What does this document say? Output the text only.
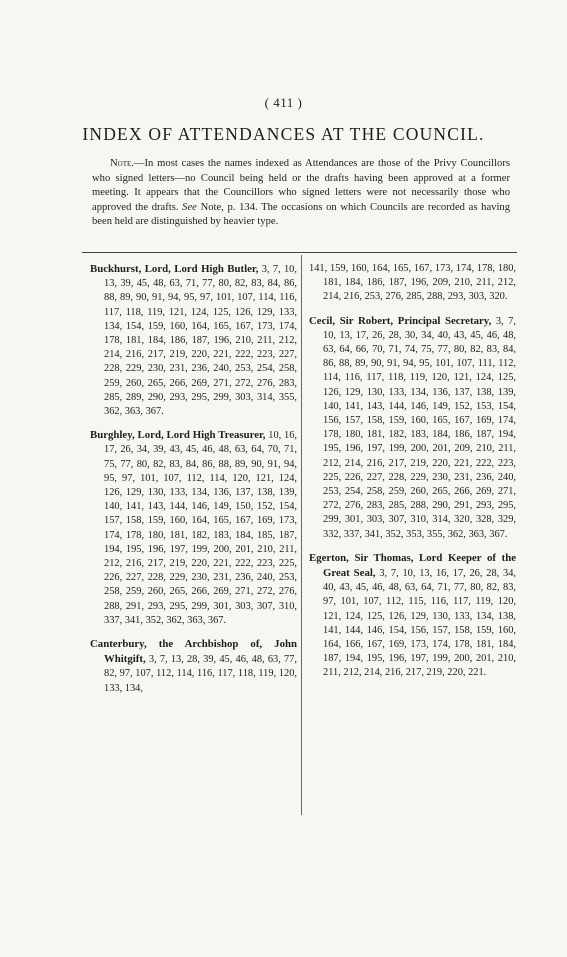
( 411 )
INDEX OF ATTENDANCES AT THE COUNCIL.
Note.—In most cases the names indexed as Attendances are those of the Privy Councillors who signed letters—no Council being held or the drafts having been approved at a former meeting. It appears that the Councillors who signed letters were not necessarily those who approved the drafts. See Note, p. 134. The occasions on which Councils are recorded as having been held are distinguished by heavier type.
Buckhurst, Lord, Lord High Butler, 3, 7, 10, 13, 39, 45, 48, 63, 71, 77, 80, 82, 83, 84, 86, 88, 89, 90, 91, 94, 95, 97, 101, 107, 114, 116, 117, 118, 119, 121, 124, 125, 126, 129, 133, 134, 154, 159, 160, 164, 165, 167, 173, 174, 178, 181, 184, 186, 187, 196, 210, 211, 212, 214, 216, 217, 219, 220, 221, 222, 223, 227, 228, 229, 230, 231, 236, 240, 253, 254, 258, 259, 260, 265, 266, 269, 271, 272, 276, 283, 285, 289, 290, 293, 295, 299, 303, 314, 355, 362, 363, 367.
Burghley, Lord, Lord High Treasurer, 10, 16, 17, 26, 34, 39, 43, 45, 46, 48, 63, 64, 70, 71, 75, 77, 80, 82, 83, 84, 86, 88, 89, 90, 91, 94, 95, 97, 101, 107, 112, 114, 120, 121, 124, 126, 129, 130, 133, 134, 136, 137, 138, 139, 140, 141, 143, 144, 146, 149, 150, 152, 154, 157, 158, 159, 160, 164, 165, 167, 169, 173, 174, 178, 180, 181, 182, 183, 184, 185, 187, 194, 195, 196, 197, 199, 200, 201, 210, 211, 212, 216, 217, 219, 220, 221, 222, 223, 225, 226, 227, 228, 229, 230, 231, 236, 240, 253, 258, 259, 260, 265, 266, 269, 271, 272, 276, 288, 291, 293, 295, 299, 301, 303, 307, 310, 337, 341, 352, 362, 363, 367.
Canterbury, the Archbishop of, John Whitgift, 3, 7, 13, 28, 39, 45, 46, 48, 63, 77, 82, 97, 107, 112, 114, 116, 117, 118, 119, 120, 133, 134,
141, 159, 160, 164, 165, 167, 173, 174, 178, 180, 181, 184, 186, 187, 196, 209, 210, 211, 212, 214, 216, 253, 276, 285, 288, 293, 303, 320.
Cecil, Sir Robert, Principal Secretary, 3, 7, 10, 13, 17, 26, 28, 30, 34, 40, 43, 45, 46, 48, 63, 64, 66, 70, 71, 74, 75, 77, 80, 82, 83, 84, 86, 88, 89, 90, 91, 94, 95, 101, 107, 111, 112, 114, 116, 117, 118, 119, 120, 121, 124, 125, 126, 129, 130, 133, 134, 136, 137, 138, 139, 140, 141, 143, 144, 146, 149, 152, 153, 154, 156, 157, 158, 159, 160, 165, 167, 169, 174, 178, 180, 181, 182, 183, 184, 186, 187, 194, 195, 196, 197, 199, 200, 201, 209, 210, 211, 212, 214, 216, 217, 219, 220, 221, 222, 223, 225, 226, 227, 228, 229, 230, 231, 236, 240, 253, 254, 258, 259, 260, 265, 266, 269, 271, 272, 276, 283, 285, 288, 290, 291, 293, 295, 299, 301, 303, 307, 310, 314, 320, 328, 329, 332, 337, 341, 352, 353, 355, 362, 363, 367.
Egerton, Sir Thomas, Lord Keeper of the Great Seal, 3, 7, 10, 13, 16, 17, 26, 28, 34, 40, 43, 45, 46, 48, 63, 64, 71, 77, 80, 82, 83, 97, 101, 107, 112, 115, 116, 117, 119, 120, 121, 124, 125, 126, 129, 130, 133, 134, 138, 141, 144, 146, 154, 156, 157, 158, 159, 160, 164, 166, 167, 169, 173, 174, 178, 181, 184, 187, 194, 195, 196, 197, 199, 200, 201, 210, 211, 212, 214, 216, 217, 219, 220, 221.
